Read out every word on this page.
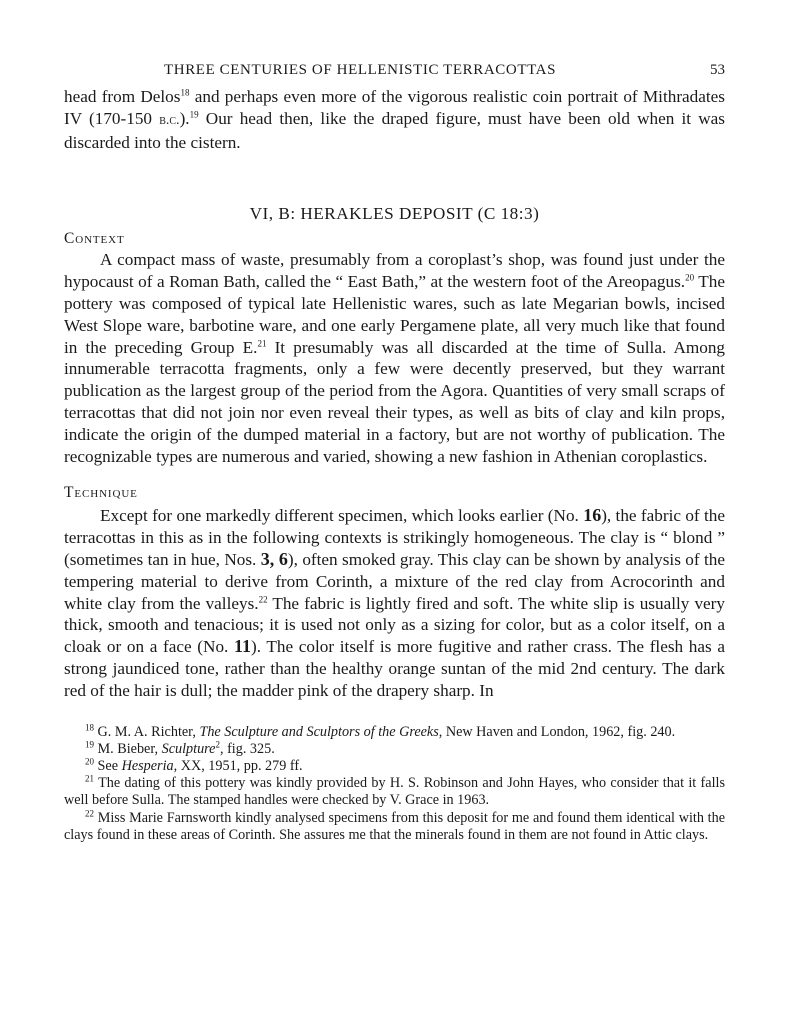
THREE CENTURIES OF HELLENISTIC TERRACOTTAS	53

head from Delos$^{18}$ and perhaps even more of the vigorous realistic coin portrait of Mithradates IV (170-150 b.c.).$^{19}$ Our head then, like the draped figure, must have been old when it was discarded into the cistern.

VI, B: HERAKLES DEPOSIT (C 18:3)

Context

A compact mass of waste, presumably from a coroplast’s shop, was found just under the hypocaust of a Roman Bath, called the “ East Bath,” at the western foot of the Areopagus.$^{20}$ The pottery was composed of typical late Hellenistic wares, such as late Megarian bowls, incised West Slope ware, barbotine ware, and one early Pergamene plate, all very much like that found in the preceding Group E.$^{21}$ It presumably was all discarded at the time of Sulla. Among innumerable terracotta fragments, only a few were decently preserved, but they warrant publication as the largest group of the period from the Agora. Quantities of very small scraps of terracottas that did not join nor even reveal their types, as well as bits of clay and kiln props, indicate the origin of the dumped material in a factory, but are not worthy of publication. The recognizable types are numerous and varied, showing a new fashion in Athenian coroplastics.

Technique

Except for one markedly different specimen, which looks earlier (No. 16), the fabric of the terracottas in this as in the following contexts is strikingly homogeneous. The clay is “ blond ” (sometimes tan in hue, Nos. 3, 6), often smoked gray. This clay can be shown by analysis of the tempering material to derive from Corinth, a mixture of the red clay from Acrocorinth and white clay from the valleys.$^{22}$ The fabric is lightly fired and soft. The white slip is usually very thick, smooth and tenacious; it is used not only as a sizing for color, but as a color itself, on a cloak or on a face (No. 11). The color itself is more fugitive and rather crass. The flesh has a strong jaundiced tone, rather than the healthy orange suntan of the mid 2nd century. The dark red of the hair is dull; the madder pink of the drapery sharp. In

$^{18}$ G. M. A. Richter, The Sculpture and Sculptors of the Greeks, New Haven and London, 1962, fig. 240.

$^{19}$ M. Bieber, Sculpture$^2$, fig. 325.

$^{20}$ See Hesperia, XX, 1951, pp. 279 ff.

$^{21}$ The dating of this pottery was kindly provided by H. S. Robinson and John Hayes, who consider that it falls well before Sulla. The stamped handles were checked by V. Grace in 1963.

$^{22}$ Miss Marie Farnsworth kindly analysed specimens from this deposit for me and found them identical with the clays found in these areas of Corinth. She assures me that the minerals found in them are not found in Attic clays.
